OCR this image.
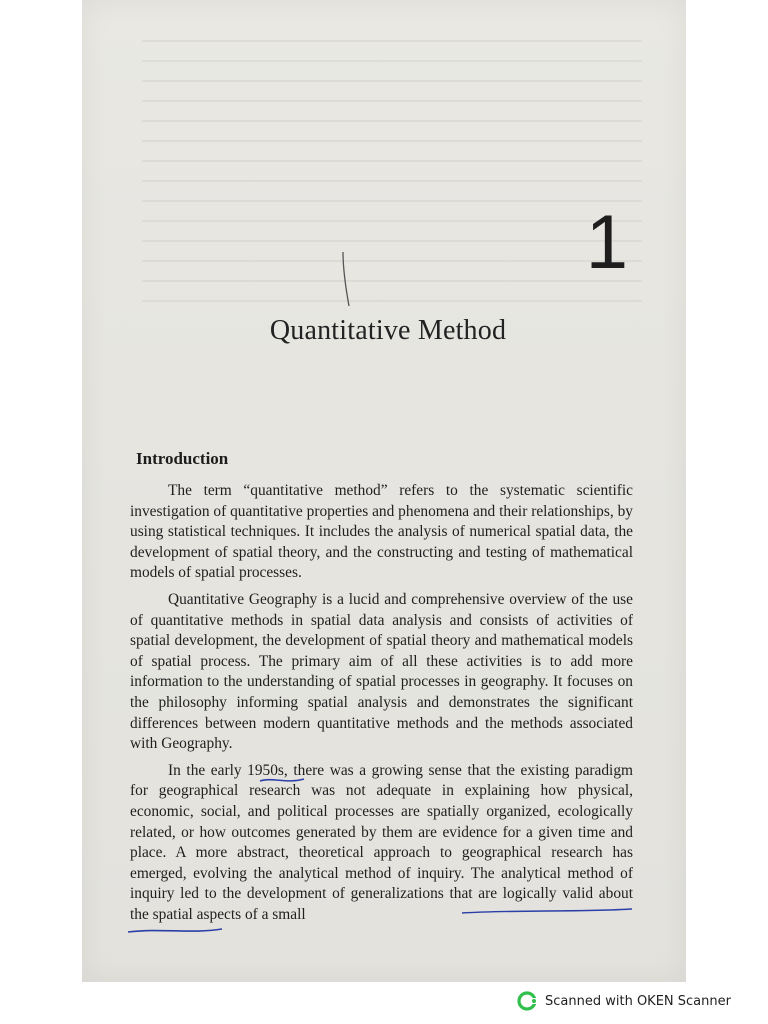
1
Quantitative Method
Introduction

The term “quantitative method” refers to the systematic scientific investigation of quantitative properties and phenomena and their relationships, by using statistical techniques. It includes the analysis of numerical spatial data, the development of spatial theory, and the constructing and testing of mathematical models of spatial processes.

Quantitative Geography is a lucid and comprehensive overview of the use of quantitative methods in spatial data analysis and consists of activities of spatial development, the development of spatial theory and mathematical models of spatial process. The primary aim of all these activities is to add more information to the understanding of spatial processes in geography. It focuses on the philosophy informing spatial analysis and demonstrates the significant differences between modern quantitative methods and the methods associated with Geography.

In the early 1950s, there was a growing sense that the existing paradigm for geographical research was not adequate in explaining how physical, economic, social, and political processes are spatially organized, ecologically related, or how outcomes generated by them are evidence for a given time and place. A more abstract, theoretical approach to geographical research has emerged, evolving the analytical method of inquiry. The analytical method of inquiry led to the development of generalizations that are logically valid about the spatial aspects of a small

Scanned with OKEN Scanner
